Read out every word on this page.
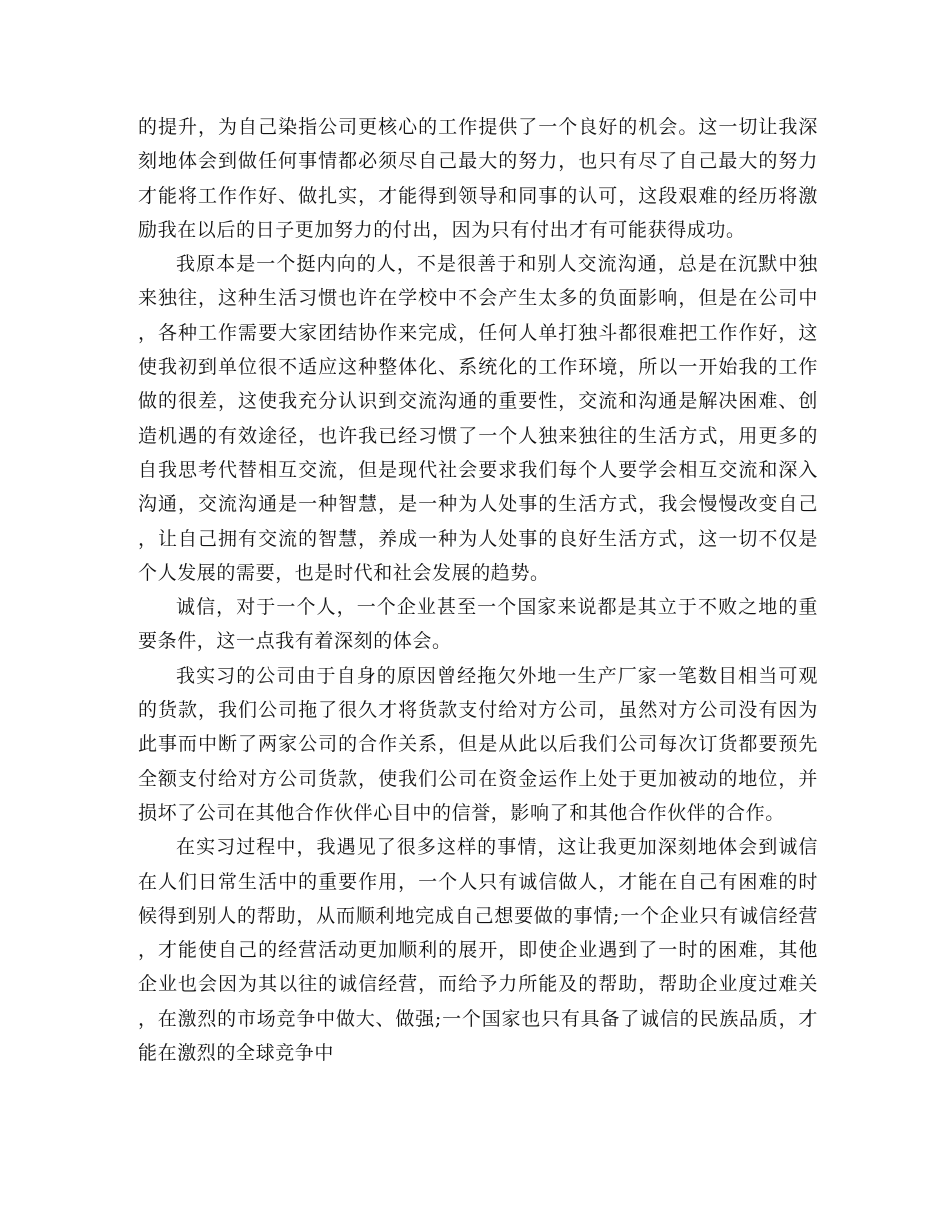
的提升，为自己染指公司更核心的工作提供了一个良好的机会。这一切让我深刻地体会到做任何事情都必须尽自己最大的努力，也只有尽了自己最大的努力才能将工作作好、做扎实，才能得到领导和同事的认可，这段艰难的经历将激励我在以后的日子更加努力的付出，因为只有付出才有可能获得成功。

我原本是一个挺内向的人，不是很善于和别人交流沟通，总是在沉默中独来独往，这种生活习惯也许在学校中不会产生太多的负面影响，但是在公司中，各种工作需要大家团结协作来完成，任何人单打独斗都很难把工作作好，这使我初到单位很不适应这种整体化、系统化的工作环境，所以一开始我的工作做的很差，这使我充分认识到交流沟通的重要性，交流和沟通是解决困难、创造机遇的有效途径，也许我已经习惯了一个人独来独往的生活方式，用更多的自我思考代替相互交流，但是现代社会要求我们每个人要学会相互交流和深入沟通，交流沟通是一种智慧，是一种为人处事的生活方式，我会慢慢改变自己，让自己拥有交流的智慧，养成一种为人处事的良好生活方式，这一切不仅是个人发展的需要，也是时代和社会发展的趋势。

诚信，对于一个人，一个企业甚至一个国家来说都是其立于不败之地的重要条件，这一点我有着深刻的体会。

我实习的公司由于自身的原因曾经拖欠外地一生产厂家一笔数目相当可观的货款，我们公司拖了很久才将货款支付给对方公司，虽然对方公司没有因为此事而中断了两家公司的合作关系，但是从此以后我们公司每次订货都要预先全额支付给对方公司货款，使我们公司在资金运作上处于更加被动的地位，并损坏了公司在其他合作伙伴心目中的信誉，影响了和其他合作伙伴的合作。

在实习过程中，我遇见了很多这样的事情，这让我更加深刻地体会到诚信在人们日常生活中的重要作用，一个人只有诚信做人，才能在自己有困难的时候得到别人的帮助，从而顺利地完成自己想要做的事情;一个企业只有诚信经营，才能使自己的经营活动更加顺利的展开，即使企业遇到了一时的困难，其他企业也会因为其以往的诚信经营，而给予力所能及的帮助，帮助企业度过难关，在激烈的市场竞争中做大、做强;一个国家也只有具备了诚信的民族品质，才能在激烈的全球竞争中
